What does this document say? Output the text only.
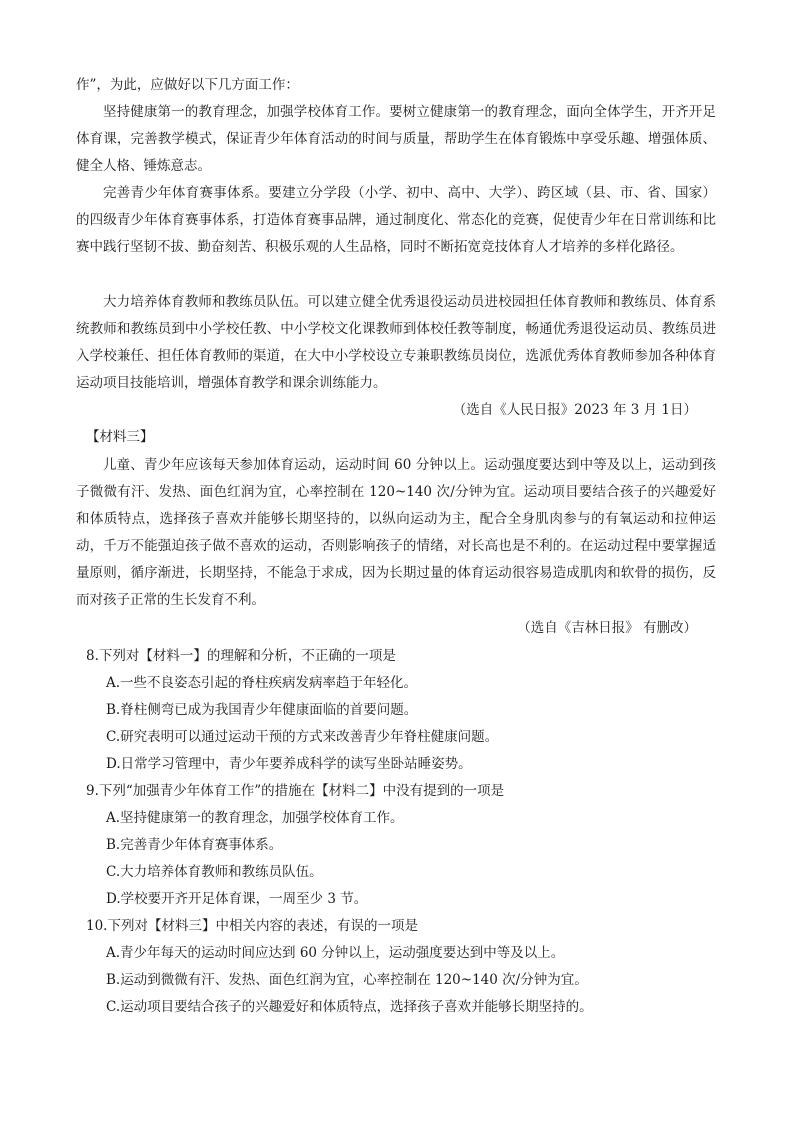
作”，为此，应做好以下几方面工作：

坚持健康第一的教育理念，加强学校体育工作。要树立健康第一的教育理念，面向全体学生，开齐开足体育课，完善教学模式，保证青少年体育活动的时间与质量，帮助学生在体育锻炼中享受乐趣、增强体质、健全人格、锤炼意志。

完善青少年体育赛事体系。要建立分学段（小学、初中、高中、大学）、跨区域（县、市、省、国家）的四级青少年体育赛事体系，打造体育赛事品牌，通过制度化、常态化的竞赛，促使青少年在日常训练和比赛中践行坚韧不拔、勤奋刻苦、积极乐观的人生品格，同时不断拓宽竞技体育人才培养的多样化路径。

大力培养体育教师和教练员队伍。可以建立健全优秀退役运动员进校园担任体育教师和教练员、体育系统教师和教练员到中小学校任教、中小学校文化课教师到体校任教等制度，畅通优秀退役运动员、教练员进入学校兼任、担任体育教师的渠道，在大中小学校设立专兼职教练员岗位，选派优秀体育教师参加各种体育运动项目技能培训，增强体育教学和课余训练能力。

（选自《人民日报》2023 年 3 月 1日）

【材料三】

儿童、青少年应该每天参加体育运动，运动时间 60 分钟以上。运动强度要达到中等及以上，运动到孩子微微有汗、发热、面色红润为宜，心率控制在 120~140 次/分钟为宜。运动项目要结合孩子的兴趣爱好和体质特点，选择孩子喜欢并能够长期坚持的，以纵向运动为主，配合全身肌肉参与的有氧运动和拉伸运动，千万不能强迫孩子做不喜欢的运动，否则影响孩子的情绪，对长高也是不利的。在运动过程中要掌握适量原则，循序渐进，长期坚持，不能急于求成，因为长期过量的体育运动很容易造成肌肉和软骨的损伤，反而对孩子正常的生长发育不利。

（选自《吉林日报》 有删改）

8.下列对【材料一】的理解和分析，不正确的一项是

A.一些不良姿态引起的脊柱疾病发病率趋于年轻化。

B.脊柱侧弯已成为我国青少年健康面临的首要问题。

C.研究表明可以通过运动干预的方式来改善青少年脊柱健康问题。

D.日常学习管理中，青少年要养成科学的读写坐卧站睡姿势。

9.下列“加强青少年体育工作”的措施在【材料二】中没有提到的一项是

A.坚持健康第一的教育理念，加强学校体育工作。

B.完善青少年体育赛事体系。

C.大力培养体育教师和教练员队伍。

D.学校要开齐开足体育课，一周至少 3 节。

10.下列对【材料三】中相关内容的表述，有误的一项是

A.青少年每天的运动时间应达到 60 分钟以上，运动强度要达到中等及以上。

B.运动到微微有汗、发热、面色红润为宜，心率控制在 120~140 次/分钟为宜。

C.运动项目要结合孩子的兴趣爱好和体质特点，选择孩子喜欢并能够长期坚持的。
